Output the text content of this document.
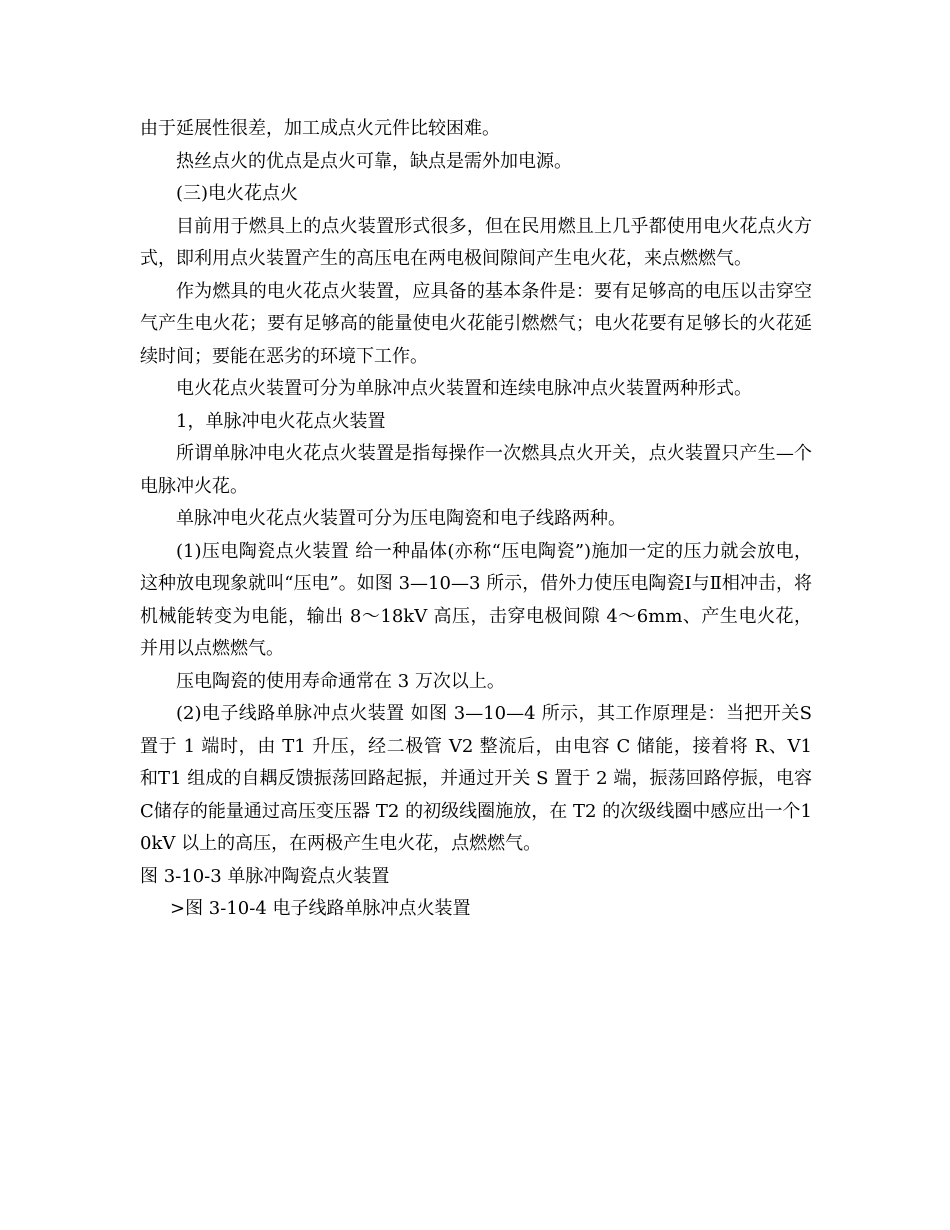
由于延展性很差，加工成点火元件比较困难。

热丝点火的优点是点火可靠，缺点是需外加电源。

(三)电火花点火

目前用于燃具上的点火装置形式很多，但在民用燃且上几乎都使用电火花点火方式，即利用点火装置产生的高压电在两电极间隙间产生电火花，来点燃燃气。

作为燃具的电火花点火装置，应具备的基本条件是：要有足够高的电压以击穿空气产生电火花；要有足够高的能量使电火花能引燃燃气；电火花要有足够长的火花延续时间；要能在恶劣的环境下工作。

电火花点火装置可分为单脉冲点火装置和连续电脉冲点火装置两种形式。

1，单脉冲电火花点火装置

所谓单脉冲电火花点火装置是指每操作一次燃具点火开关，点火装置只产生—个电脉冲火花。

单脉冲电火花点火装置可分为压电陶瓷和电子线路两种。

(1)压电陶瓷点火装置 给一种晶体(亦称“压电陶瓷”)施加一定的压力就会放电，这种放电现象就叫“压电”。如图 3—10—3 所示，借外力使压电陶瓷Ⅰ与Ⅱ相冲击，将机械能转变为电能，输出 8～18kV 高压，击穿电极间隙 4～6mm、产生电火花，并用以点燃燃气。

压电陶瓷的使用寿命通常在 3 万次以上。

(2)电子线路单脉冲点火装置 如图 3—10—4 所示，其工作原理是：当把开关S 置于 1 端时，由 T1 升压，经二极管 V2 整流后，由电容 C 储能，接着将 R、V1 和T1 组成的自耦反馈振荡回路起振，并通过开关 S 置于 2 端，振荡回路停振，电容 C储存的能量通过高压变压器 T2 的初级线圈施放，在 T2 的次级线圈中感应出一个10kV 以上的高压，在两极产生电火花，点燃燃气。

图 3-10-3 单脉冲陶瓷点火装置

>图 3-10-4 电子线路单脉冲点火装置
